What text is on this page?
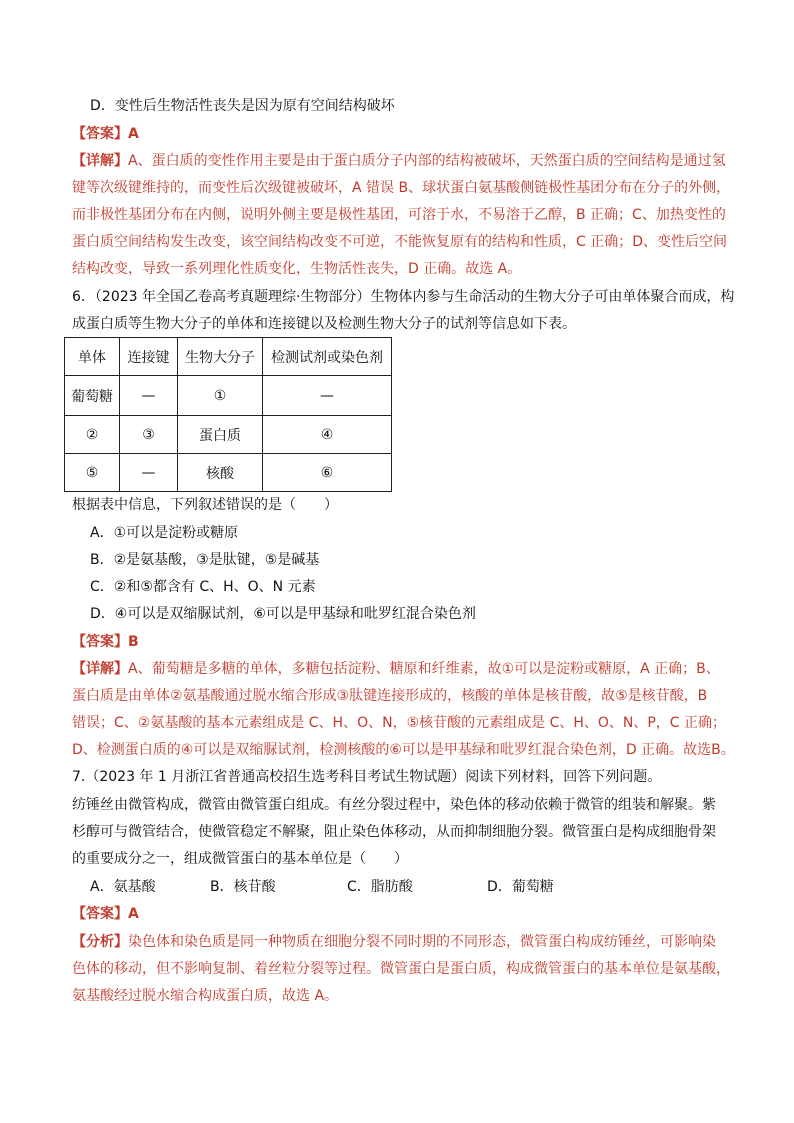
D．变性后生物活性丧失是因为原有空间结构破坏
【答案】A
【详解】A、蛋白质的变性作用主要是由于蛋白质分子内部的结构被破坏，天然蛋白质的空间结构是通过氢
键等次级键维持的，而变性后次级键被破坏，A 错误 B、球状蛋白氨基酸侧链极性基团分布在分子的外侧，
而非极性基团分布在内侧，说明外侧主要是极性基团，可溶于水，不易溶于乙醇，B 正确；C、加热变性的
蛋白质空间结构发生改变，该空间结构改变不可逆，不能恢复原有的结构和性质，C 正确；D、变性后空间
结构改变，导致一系列理化性质变化，生物活性丧失，D 正确。故选 A。
6．（2023 年全国乙卷高考真题理综·生物部分）生物体内参与生命活动的生物大分子可由单体聚合而成，构
成蛋白质等生物大分子的单体和连接键以及检测生物大分子的试剂等信息如下表。
单体	连接键	生物大分子	检测试剂或染色剂
葡萄糖	—	①	—
②	③	蛋白质	④
⑤	—	核酸	⑥
根据表中信息，下列叙述错误的是（　　）
A．①可以是淀粉或糖原
B．②是氨基酸，③是肽键，⑤是碱基
C．②和⑤都含有 C、H、O、N 元素
D．④可以是双缩脲试剂，⑥可以是甲基绿和吡罗红混合染色剂
【答案】B
【详解】A、葡萄糖是多糖的单体，多糖包括淀粉、糖原和纤维素，故①可以是淀粉或糖原，A 正确；B、
蛋白质是由单体②氨基酸通过脱水缩合形成③肽键连接形成的，核酸的单体是核苷酸，故⑤是核苷酸，B
错误；C、②氨基酸的基本元素组成是 C、H、O、N，⑤核苷酸的元素组成是 C、H、O、N、P，C 正确；
D、检测蛋白质的④可以是双缩脲试剂，检测核酸的⑥可以是甲基绿和吡罗红混合染色剂，D 正确。故选B。
7.（2023 年 1 月浙江省普通高校招生选考科目考试生物试题）阅读下列材料，回答下列问题。
纺锤丝由微管构成，微管由微管蛋白组成。有丝分裂过程中，染色体的移动依赖于微管的组装和解聚。紫
杉醇可与微管结合，使微管稳定不解聚，阻止染色体移动，从而抑制细胞分裂。微管蛋白是构成细胞骨架
的重要成分之一，组成微管蛋白的基本单位是（　　）
A．氨基酸	B．核苷酸	C．脂肪酸	D．葡萄糖
【答案】A
【分析】染色体和染色质是同一种物质在细胞分裂不同时期的不同形态，微管蛋白构成纺锤丝，可影响染
色体的移动，但不影响复制、着丝粒分裂等过程。微管蛋白是蛋白质，构成微管蛋白的基本单位是氨基酸，
氨基酸经过脱水缩合构成蛋白质，故选 A。
